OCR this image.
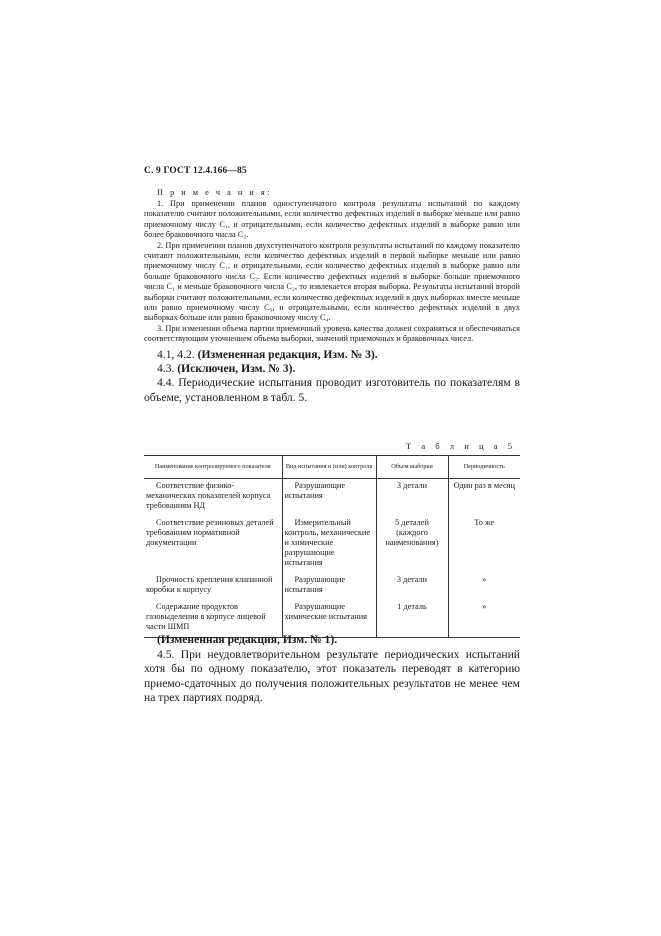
С. 9 ГОСТ 12.4.166—85

П р и м е ч а н и я:

1. При применении планов одноступенчатого контроля результаты испытаний по каждому показателю считают положительными, если количество дефектных изделий в выборке меньше или равно приемочному числу C₁, и отрицательными, если количество дефектных изделий в выборке равно или более браковочного числа C₂.

2. При применении планов двухступенчатого контроля результаты испытаний по каждому показателю считают положительными, если количество дефектных изделий в первой выборке меньше или равно приемочному числу C₁, и отрицательными, если количество дефектных изделий в выборке равно или больше браковочного числа C₂. Если количество дефектных изделий в выборке больше приемочного числа C₁ и меньше браковочного числа C₂, то извлекается вторая выборка. Результаты испытаний второй выборки считают положительными, если количество дефектных изделий в двух выборках вместе меньше или равно приемочному числу C₃, и отрицательными, если количество дефектных изделий в двух выборках больше или равно браковочному числу C₄.

3. При изменении объема партии приемочный уровень качества должен сохраняться и обеспечиваться соответствующим уточнением объема выборки, значений приемочных и браковочных чисел.

4.1, 4.2. (Измененная редакция, Изм. № 3).

4.3. (Исключен, Изм. № 3).

4.4. Периодические испытания проводит изготовитель по показателям в объеме, установленном в табл. 5.

Т а б л и ц а 5
Наименование контролируемого показателя	Вид испытания и (или) контроля	Объем выборки	Периодичность
Соответствие физико-механических показателей корпуса требованиям НД	Разрушающие испытания	3 детали	Один раз в месяц
Соответствие резиновых деталей требованиям нормативной документации	Измерительный контроль, механические и химические разрушающие испытания	5 деталей (каждого наименования)	То же
Прочность крепления клапанной коробки к корпусу	Разрушающие испытания	3 детали	»
Содержание продуктов газовыделения в корпусе лицевой части ШМП	Разрушающие химические испытания	1 деталь	»

(Измененная редакция, Изм. № 1).

4.5. При неудовлетворительном результате периодических испытаний хотя бы по одному показателю, этот показатель переводят в категорию приемо-сдаточных до получения положительных результатов не менее чем на трех партиях подряд.
